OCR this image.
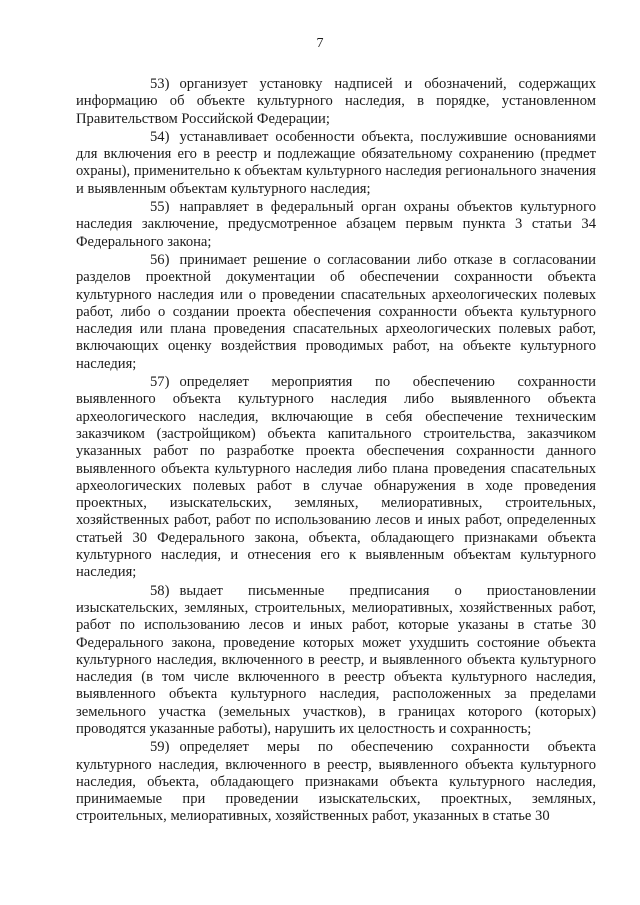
7

53) организует установку надписей и обозначений, содержащих информацию об объекте культурного наследия, в порядке, установленном Правительством Российской Федерации;

54) устанавливает особенности объекта, послужившие основаниями для включения его в реестр и подлежащие обязательному сохранению (предмет охраны), применительно к объектам культурного наследия регионального значения и выявленным объектам культурного наследия;

55) направляет в федеральный орган охраны объектов культурного наследия заключение, предусмотренное абзацем первым пункта 3 статьи 34 Федерального закона;

56) принимает решение о согласовании либо отказе в согласовании разделов проектной документации об обеспечении сохранности объекта культурного наследия или о проведении спасательных археологических полевых работ, либо о создании проекта обеспечения сохранности объекта культурного наследия или плана проведения спасательных археологических полевых работ, включающих оценку воздействия проводимых работ, на объекте культурного наследия;

57) определяет мероприятия по обеспечению сохранности выявленного объекта культурного наследия либо выявленного объекта археологического наследия, включающие в себя обеспечение техническим заказчиком (застройщиком) объекта капитального строительства, заказчиком указанных работ по разработке проекта обеспечения сохранности данного выявленного объекта культурного наследия либо плана проведения спасательных археологических полевых работ в случае обнаружения в ходе проведения проектных, изыскательских, земляных, мелиоративных, строительных, хозяйственных работ, работ по использованию лесов и иных работ, определенных статьей 30 Федерального закона, объекта, обладающего признаками объекта культурного наследия, и отнесения его к выявленным объектам культурного наследия;

58) выдает письменные предписания о приостановлении изыскательских, земляных, строительных, мелиоративных, хозяйственных работ, работ по использованию лесов и иных работ, которые указаны в статье 30 Федерального закона, проведение которых может ухудшить состояние объекта культурного наследия, включенного в реестр, и выявленного объекта культурного наследия (в том числе включенного в реестр объекта культурного наследия, выявленного объекта культурного наследия, расположенных за пределами земельного участка (земельных участков), в границах которого (которых) проводятся указанные работы), нарушить их целостность и сохранность;

59) определяет меры по обеспечению сохранности объекта культурного наследия, включенного в реестр, выявленного объекта культурного наследия, объекта, обладающего признаками объекта культурного наследия, принимаемые при проведении изыскательских, проектных, земляных, строительных, мелиоративных, хозяйственных работ, указанных в статье 30
